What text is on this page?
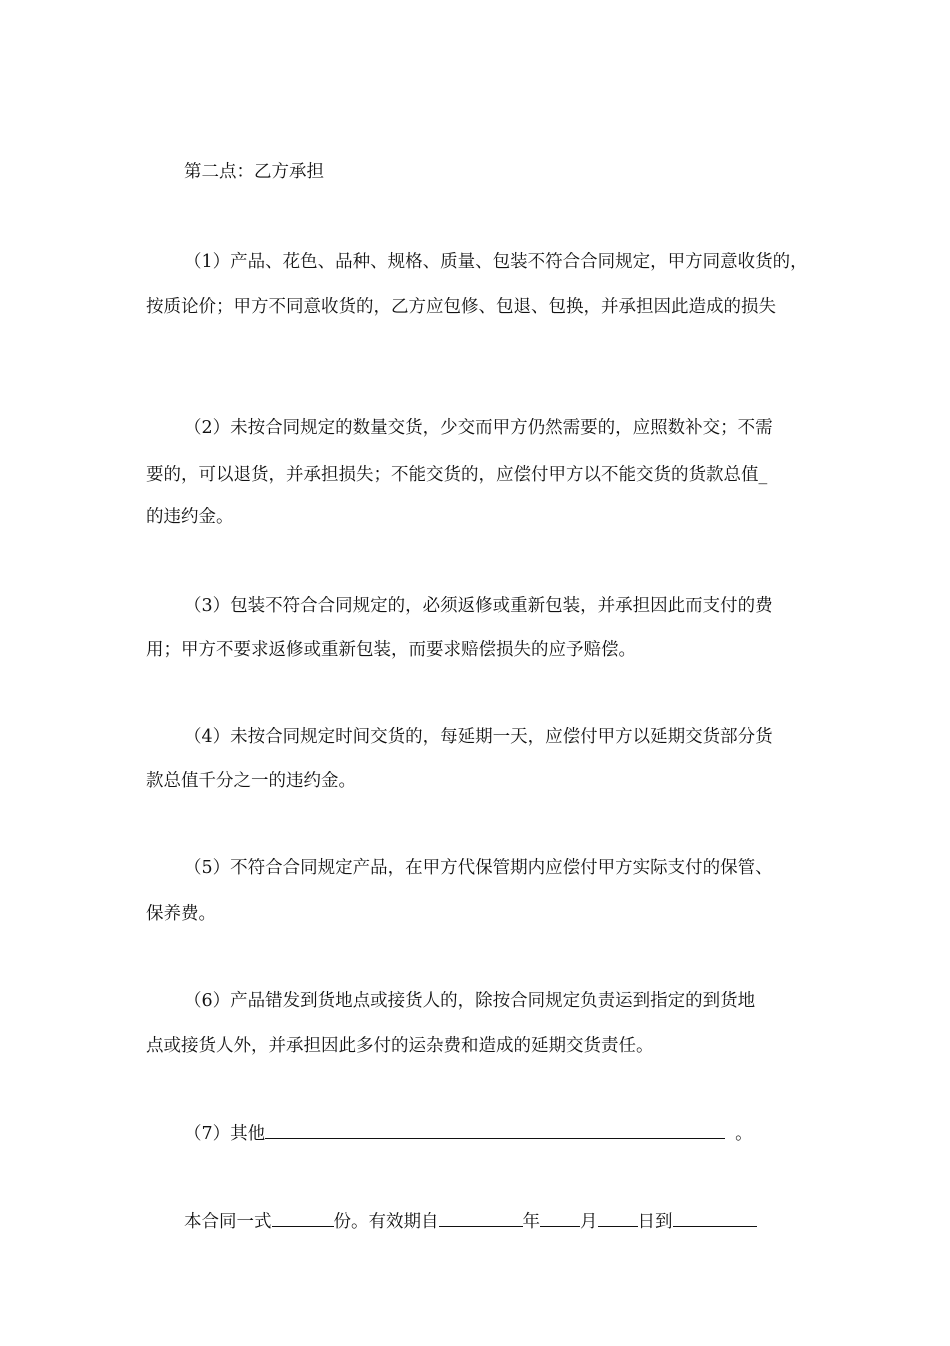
第二点：乙方承担
（1）产品、花色、品种、规格、质量、包装不符合合同规定，甲方同意收货的，
按质论价；甲方不同意收货的，乙方应包修、包退、包换，并承担因此造成的损失
（2）未按合同规定的数量交货，少交而甲方仍然需要的，应照数补交；不需
要的，可以退货，并承担损失；不能交货的，应偿付甲方以不能交货的货款总值_
的违约金。
（3）包装不符合合同规定的，必须返修或重新包装，并承担因此而支付的费
用；甲方不要求返修或重新包装，而要求赔偿损失的应予赔偿。
（4）未按合同规定时间交货的，每延期一天，应偿付甲方以延期交货部分货
款总值千分之一的违约金。
（5）不符合合同规定产品，在甲方代保管期内应偿付甲方实际支付的保管、
保养费。
（6）产品错发到货地点或接货人的，除按合同规定负责运到指定的到货地
点或接货人外，并承担因此多付的运杂费和造成的延期交货责任。
（7）其他	。
本合同一式	份。有效期自	年 月 日到
